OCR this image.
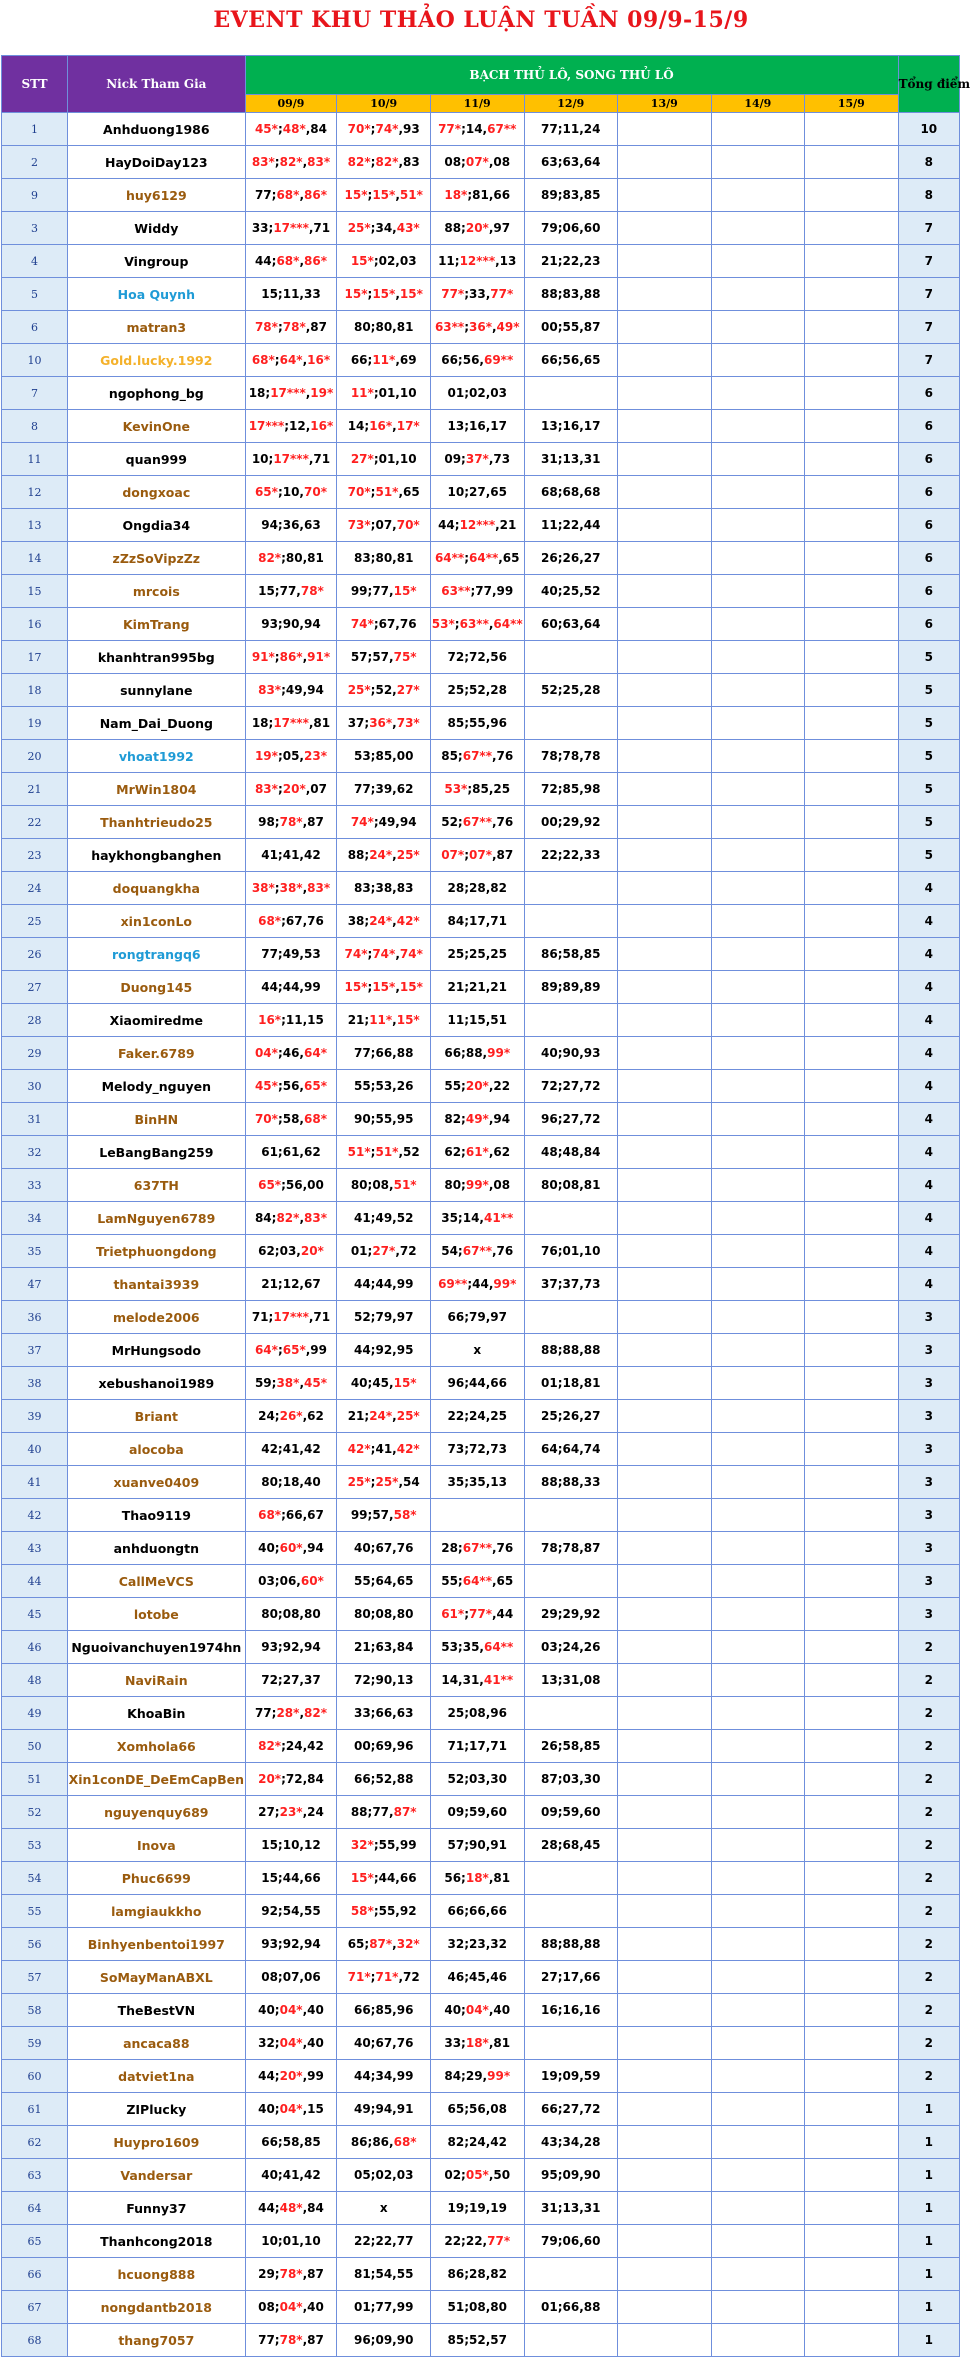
EVENT KHU THẢO LUẬN TUẦN 09/9-15/9
STT	Nick Tham Gia	BẠCH THỦ LÔ, SONG THỦ LÔ							Tổng điểm
		09/9	10/9	11/9	12/9	13/9	14/9	15/9	
1	Anhduong1986	45*;48*,84	70*;74*,93	77*;14,67**	77;11,24				10
2	HayDoiDay123	83*;82*,83*	82*;82*,83	08;07*,08	63;63,64				8
9	huy6129	77;68*,86*	15*;15*,51*	18*;81,66	89;83,85				8
3	Widdy	33;17***,71	25*;34,43*	88;20*,97	79;06,60				7
4	Vingroup	44;68*,86*	15*;02,03	11;12***,13	21;22,23				7
5	Hoa Quynh	15;11,33	15*;15*,15*	77*;33,77*	88;83,88				7
6	matran3	78*;78*,87	80;80,81	63**;36*,49*	00;55,87				7
10	Gold.lucky.1992	68*;64*,16*	66;11*,69	66;56,69**	66;56,65				7
7	ngophong_bg	18;17***,19*	11*;01,10	01;02,03					6
8	KevinOne	17***;12,16*	14;16*,17*	13;16,17	13;16,17				6
11	quan999	10;17***,71	27*;01,10	09;37*,73	31;13,31				6
12	dongxoac	65*;10,70*	70*;51*,65	10;27,65	68;68,68				6
13	Ongdia34	94;36,63	73*;07,70*	44;12***,21	11;22,44				6
14	zZzSoVipzZz	82*;80,81	83;80,81	64**;64**,65	26;26,27				6
15	mrcois	15;77,78*	99;77,15*	63**;77,99	40;25,52				6
16	KimTrang	93;90,94	74*;67,76	53*;63**,64**	60;63,64				6
17	khanhtran995bg	91*;86*,91*	57;57,75*	72;72,56					5
18	sunnylane	83*;49,94	25*;52,27*	25;52,28	52;25,28				5
19	Nam_Dai_Duong	18;17***,81	37;36*,73*	85;55,96					5
20	vhoat1992	19*;05,23*	53;85,00	85;67**,76	78;78,78				5
21	MrWin1804	83*;20*,07	77;39,62	53*;85,25	72;85,98				5
22	Thanhtrieudo25	98;78*,87	74*;49,94	52;67**,76	00;29,92				5
23	haykhongbanghen	41;41,42	88;24*,25*	07*;07*,87	22;22,33				5
24	doquangkha	38*;38*,83*	83;38,83	28;28,82					4
25	xin1conLo	68*;67,76	38;24*,42*	84;17,71					4
26	rongtrangq6	77;49,53	74*;74*,74*	25;25,25	86;58,85				4
27	Duong145	44;44,99	15*;15*,15*	21;21,21	89;89,89				4
28	Xiaomiredme	16*;11,15	21;11*,15*	11;15,51					4
29	Faker.6789	04*;46,64*	77;66,88	66;88,99*	40;90,93				4
30	Melody_nguyen	45*;56,65*	55;53,26	55;20*,22	72;27,72				4
31	BinHN	70*;58,68*	90;55,95	82;49*,94	96;27,72				4
32	LeBangBang259	61;61,62	51*;51*,52	62;61*,62	48;48,84				4
33	637TH	65*;56,00	80;08,51*	80;99*,08	80;08,81				4
34	LamNguyen6789	84;82*,83*	41;49,52	35;14,41**					4
35	Trietphuongdong	62;03,20*	01;27*,72	54;67**,76	76;01,10				4
47	thantai3939	21;12,67	44;44,99	69**;44,99*	37;37,73				4
36	melode2006	71;17***,71	52;79,97	66;79,97					3
37	MrHungsodo	64*;65*,99	44;92,95	x	88;88,88				3
38	xebushanoi1989	59;38*,45*	40;45,15*	96;44,66	01;18,81				3
39	Briant	24;26*,62	21;24*,25*	22;24,25	25;26,27				3
40	alocoba	42;41,42	42*;41,42*	73;72,73	64;64,74				3
41	xuanve0409	80;18,40	25*;25*,54	35;35,13	88;88,33				3
42	Thao9119	68*;66,67	99;57,58*						3
43	anhduongtn	40;60*,94	40;67,76	28;67**,76	78;78,87				3
44	CallMeVCS	03;06,60*	55;64,65	55;64**,65					3
45	lotobe	80;08,80	80;08,80	61*;77*,44	29;29,92				3
46	Nguoivanchuyen1974hn	93;92,94	21;63,84	53;35,64**	03;24,26				2
48	NaviRain	72;27,37	72;90,13	14,31,41**	13;31,08				2
49	KhoaBin	77;28*,82*	33;66,63	25;08,96					2
50	Xomhola66	82*;24,42	00;69,96	71;17,71	26;58,85				2
51	Xin1conDE_DeEmCapBen	20*;72,84	66;52,88	52;03,30	87;03,30				2
52	nguyenquy689	27;23*,24	88;77,87*	09;59,60	09;59,60				2
53	Inova	15;10,12	32*;55,99	57;90,91	28;68,45				2
54	Phuc6699	15;44,66	15*;44,66	56;18*,81					2
55	lamgiaukkho	92;54,55	58*;55,92	66;66,66					2
56	Binhyenbentoi1997	93;92,94	65;87*,32*	32;23,32	88;88,88				2
57	SoMayManABXL	08;07,06	71*;71*,72	46;45,46	27;17,66				2
58	TheBestVN	40;04*,40	66;85,96	40;04*,40	16;16,16				2
59	ancaca88	32;04*,40	40;67,76	33;18*,81					2
60	datviet1na	44;20*,99	44;34,99	84;29,99*	19;09,59				2
61	ZIPlucky	40;04*,15	49;94,91	65;56,08	66;27,72				1
62	Huypro1609	66;58,85	86;86,68*	82;24,42	43;34,28				1
63	Vandersar	40;41,42	05;02,03	02;05*,50	95;09,90				1
64	Funny37	44;48*,84	x	19;19,19	31;13,31				1
65	Thanhcong2018	10;01,10	22;22,77	22;22,77*	79;06,60				1
66	hcuong888	29;78*,87	81;54,55	86;28,82					1
67	nongdantb2018	08;04*,40	01;77,99	51;08,80	01;66,88				1
68	thang7057	77;78*,87	96;09,90	85;52,57					1
